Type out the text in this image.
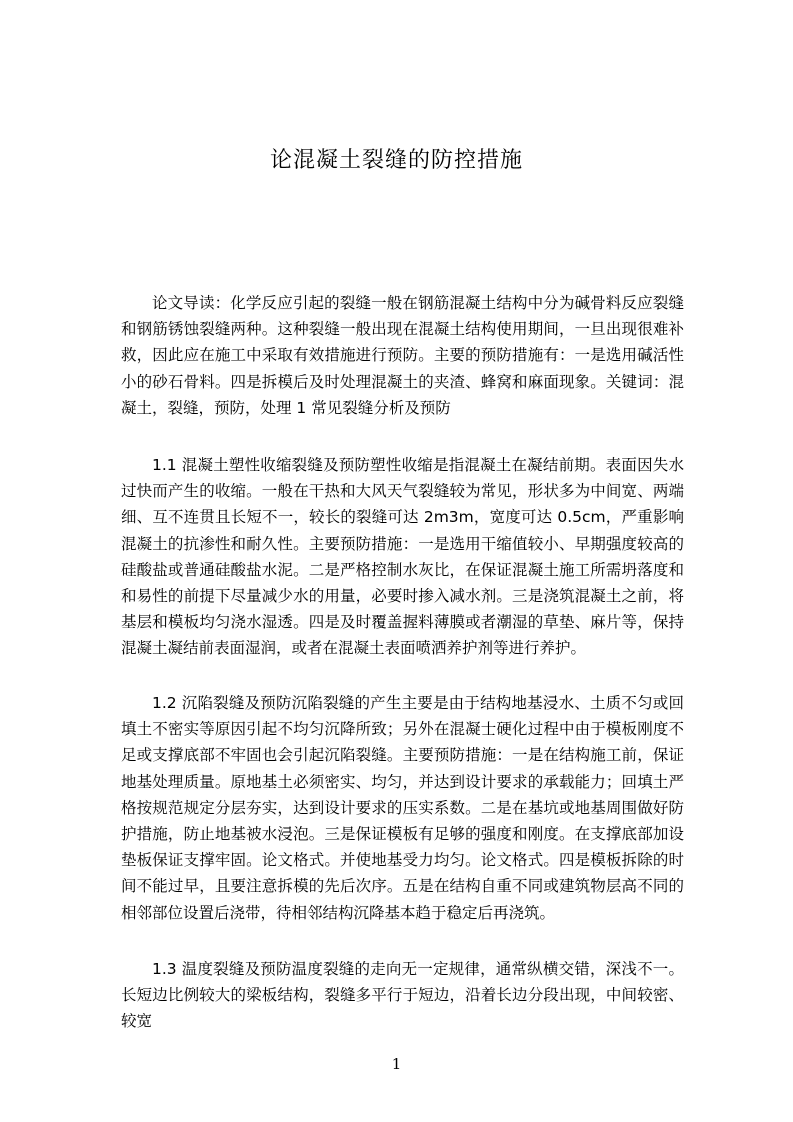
论混凝土裂缝的防控措施

论文导读：化学反应引起的裂缝一般在钢筋混凝土结构中分为碱骨料反应裂缝和钢筋锈蚀裂缝两种。这种裂缝一般出现在混凝土结构使用期间，一旦出现很难补救，因此应在施工中采取有效措施进行预防。主要的预防措施有：一是选用碱活性小的砂石骨料。四是拆模后及时处理混凝土的夹渣、蜂窝和麻面现象。关键词：混凝土，裂缝，预防，处理 1 常见裂缝分析及预防

1.1 混凝土塑性收缩裂缝及预防塑性收缩是指混凝土在凝结前期。表面因失水过快而产生的收缩。一般在干热和大风天气裂缝较为常见，形状多为中间宽、两端细、互不连贯且长短不一，较长的裂缝可达 2m3m，宽度可达 0.5cm，严重影响混凝土的抗渗性和耐久性。主要预防措施：一是选用干缩值较小、早期强度较高的硅酸盐或普通硅酸盐水泥。二是严格控制水灰比，在保证混凝土施工所需坍落度和和易性的前提下尽量减少水的用量，必要时掺入减水剂。三是浇筑混凝土之前，将基层和模板均匀浇水湿透。四是及时覆盖握料薄膜或者潮湿的草垫、麻片等，保持混凝土凝结前表面湿润，或者在混凝土表面喷洒养护剂等进行养护。

1.2 沉陷裂缝及预防沉陷裂缝的产生主要是由于结构地基浸水、土质不匀或回填土不密实等原因引起不均匀沉降所致；另外在混凝士硬化过程中由于模板刚度不足或支撑底部不牢固也会引起沉陷裂缝。主要预防措施：一是在结构施工前，保证地基处理质量。原地基土必须密实、均匀，并达到设计要求的承载能力；回填土严格按规范规定分层夯实，达到设计要求的压实系数。二是在基坑或地基周围做好防护措施，防止地基被水浸泡。三是保证模板有足够的强度和刚度。在支撑底部加设垫板保证支撑牢固。论文格式。并使地基受力均匀。论文格式。四是模板拆除的时间不能过早，且要注意拆模的先后次序。五是在结构自重不同或建筑物层高不同的相邻部位设置后浇带，待相邻结构沉降基本趋于稳定后再浇筑。

1.3 温度裂缝及预防温度裂缝的走向无一定规律，通常纵横交错，深浅不一。长短边比例较大的梁板结构，裂缝多平行于短边，沿着长边分段出现，中间较密、较宽

1
